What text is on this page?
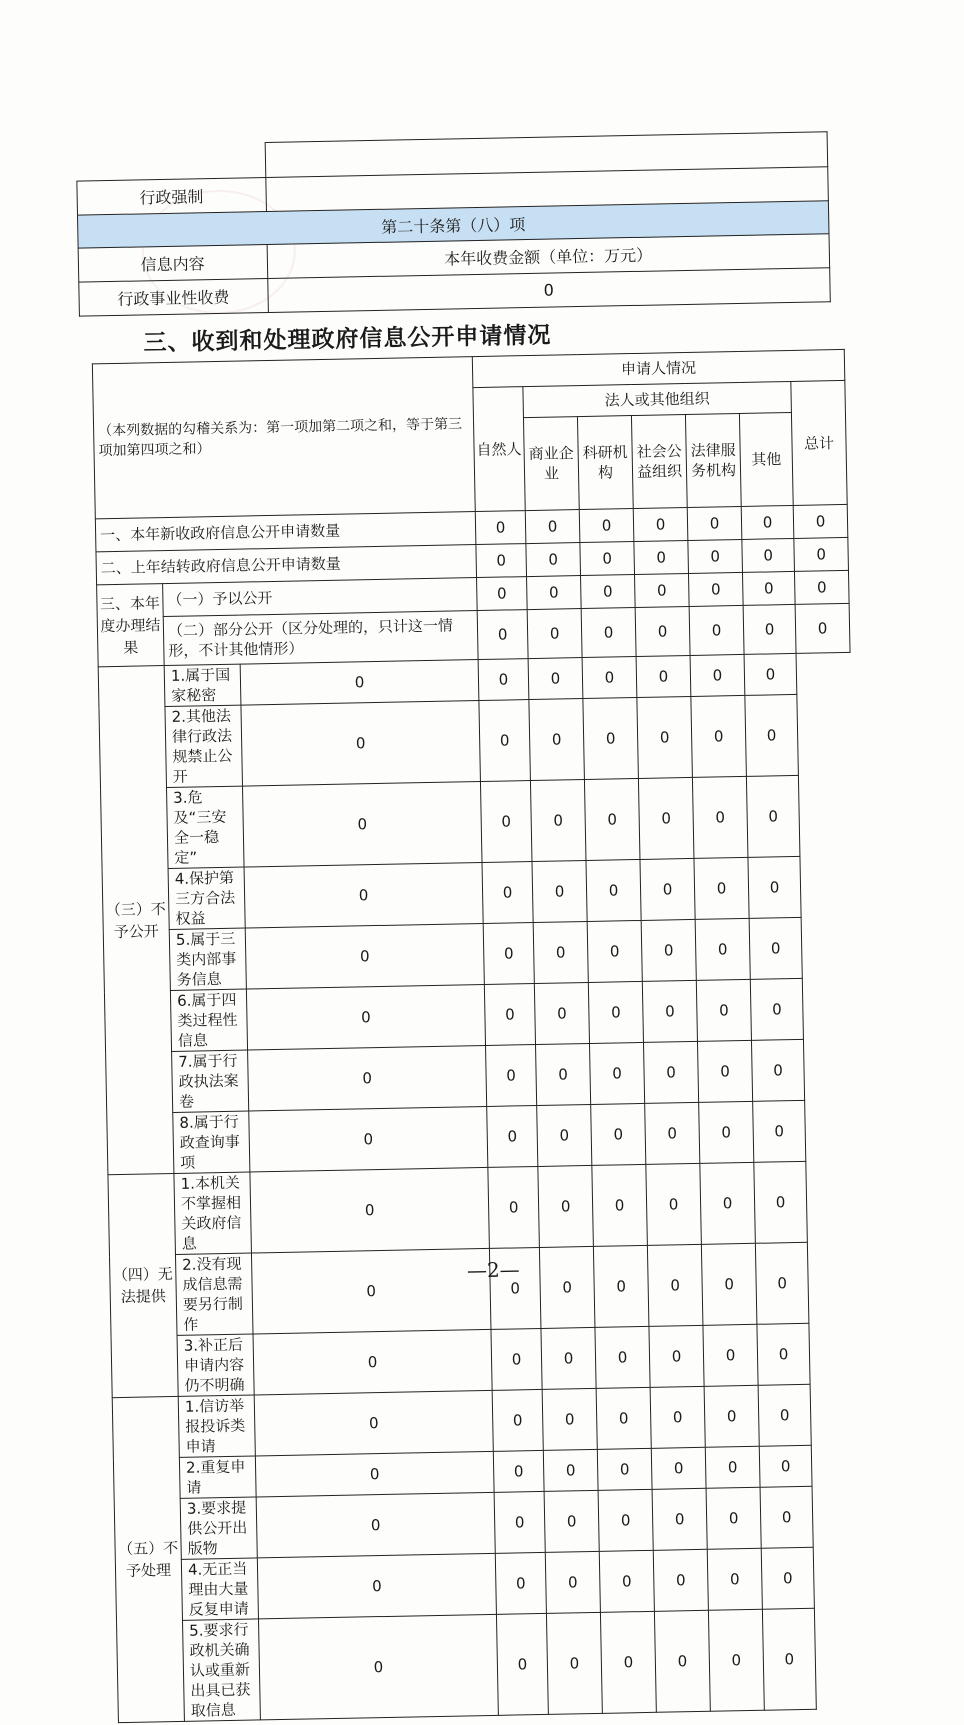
行政强制	
第二十条第（八）项	
信息内容	本年收费金额（单位：万元）
行政事业性收费	0
三、收到和处理政府信息公开申请情况
（本列数据的勾稽关系为：第一项加第二项之和，等于第三项加第四项之和）			申请人情况						
			自然人	法人或其他组织					总计
				商业企业	科研机构	社会公益组织	法律服务机构	其他	
一、本年新收政府信息公开申请数量			0	0	0	0	0	0	0
二、上年结转政府信息公开申请数量			0	0	0	0	0	0	0
三、本年度办理结果	（一）予以公开		0	0	0	0	0	0	0
	（二）部分公开（区分处理的，只计这一情形，不计其他情形）		0	0	0	0	0	0	0
（三）不予公开	1.属于国家秘密	0	0	0	0	0	0	0	
	2.其他法律行政法规禁止公开	0	0	0	0	0	0	0	
	3.危及“三安全一稳定”	0	0	0	0	0	0	0	
	4.保护第三方合法权益	0	0	0	0	0	0	0	
	5.属于三类内部事务信息	0	0	0	0	0	0	0	
	6.属于四类过程性信息	0	0	0	0	0	0	0	
	7.属于行政执法案卷	0	0	0	0	0	0	0	
	8.属于行政查询事项	0	0	0	0	0	0	0	
（四）无法提供	1.本机关不掌握相关政府信息	0	0	0	0	0	0	0	
	2.没有现成信息需要另行制作	0	0	0	0	0	0	0	
	3.补正后申请内容仍不明确	0	0	0	0	0	0	0	
（五）不予处理	1.信访举报投诉类申请	0	0	0	0	0	0	0	
	2.重复申请	0	0	0	0	0	0	0	
	3.要求提供公开出版物	0	0	0	0	0	0	0	
	4.无正当理由大量反复申请	0	0	0	0	0	0	0	
	5.要求行政机关确认或重新出具已获取信息	0	0	0	0	0	0	0	
—2—
